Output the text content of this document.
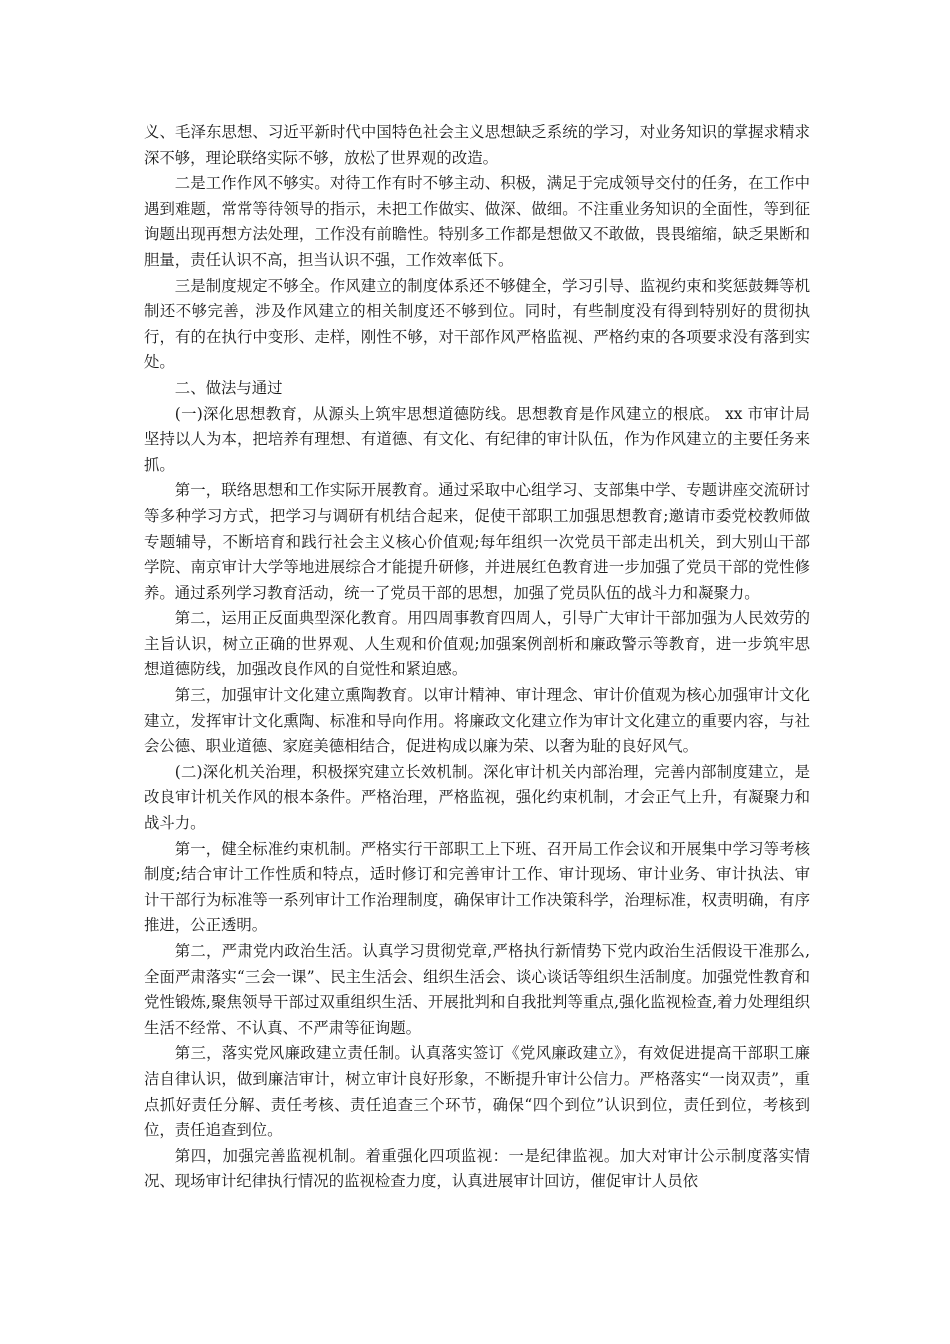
义、毛泽东思想、习近平新时代中国特色社会主义思想缺乏系统的学习，对业务知识的掌握求精求深不够，理论联络实际不够，放松了世界观的改造。

二是工作作风不够实。对待工作有时不够主动、积极，满足于完成领导交付的任务，在工作中遇到难题，常常等待领导的指示，未把工作做实、做深、做细。不注重业务知识的全面性，等到征询题出现再想方法处理，工作没有前瞻性。特别多工作都是想做又不敢做，畏畏缩缩，缺乏果断和胆量，责任认识不高，担当认识不强，工作效率低下。

三是制度规定不够全。作风建立的制度体系还不够健全，学习引导、监视约束和奖惩鼓舞等机制还不够完善，涉及作风建立的相关制度还不够到位。同时，有些制度没有得到特别好的贯彻执行，有的在执行中变形、走样，刚性不够，对干部作风严格监视、严格约束的各项要求没有落到实处。

二、做法与通过

(一)深化思想教育，从源头上筑牢思想道德防线。思想教育是作风建立的根底。 xx 市审计局坚持以人为本，把培养有理想、有道德、有文化、有纪律的审计队伍，作为作风建立的主要任务来抓。

第一，联络思想和工作实际开展教育。通过采取中心组学习、支部集中学、专题讲座交流研讨等多种学习方式，把学习与调研有机结合起来，促使干部职工加强思想教育;邀请市委党校教师做专题辅导，不断培育和践行社会主义核心价值观;每年组织一次党员干部走出机关，到大别山干部学院、南京审计大学等地进展综合才能提升研修，并进展红色教育进一步加强了党员干部的党性修养。通过系列学习教育活动，统一了党员干部的思想，加强了党员队伍的战斗力和凝聚力。

第二，运用正反面典型深化教育。用四周事教育四周人，引导广大审计干部加强为人民效劳的主旨认识，树立正确的世界观、人生观和价值观;加强案例剖析和廉政警示等教育，进一步筑牢思想道德防线，加强改良作风的自觉性和紧迫感。

第三，加强审计文化建立熏陶教育。以审计精神、审计理念、审计价值观为核心加强审计文化建立，发挥审计文化熏陶、标准和导向作用。将廉政文化建立作为审计文化建立的重要内容，与社会公德、职业道德、家庭美德相结合，促进构成以廉为荣、以奢为耻的良好风气。

(二)深化机关治理，积极探究建立长效机制。深化审计机关内部治理，完善内部制度建立，是改良审计机关作风的根本条件。严格治理，严格监视，强化约束机制，才会正气上升，有凝聚力和战斗力。

第一，健全标准约束机制。严格实行干部职工上下班、召开局工作会议和开展集中学习等考核制度;结合审计工作性质和特点，适时修订和完善审计工作、审计现场、审计业务、审计执法、审计干部行为标准等一系列审计工作治理制度，确保审计工作决策科学，治理标准，权责明确，有序推进，公正透明。

第二，严肃党内政治生活。认真学习贯彻党章,严格执行新情势下党内政治生活假设干准那么,全面严肃落实“三会一课”、民主生活会、组织生活会、谈心谈话等组织生活制度。加强党性教育和党性锻炼,聚焦领导干部过双重组织生活、开展批判和自我批判等重点,强化监视检查,着力处理组织生活不经常、不认真、不严肃等征询题。

第三，落实党风廉政建立责任制。认真落实签订《党风廉政建立》，有效促进提高干部职工廉洁自律认识，做到廉洁审计，树立审计良好形象，不断提升审计公信力。严格落实“一岗双责”，重点抓好责任分解、责任考核、责任追查三个环节，确保“四个到位”认识到位，责任到位，考核到位，责任追查到位。

第四，加强完善监视机制。着重强化四项监视：一是纪律监视。加大对审计公示制度落实情况、现场审计纪律执行情况的监视检查力度，认真进展审计回访，催促审计人员依
